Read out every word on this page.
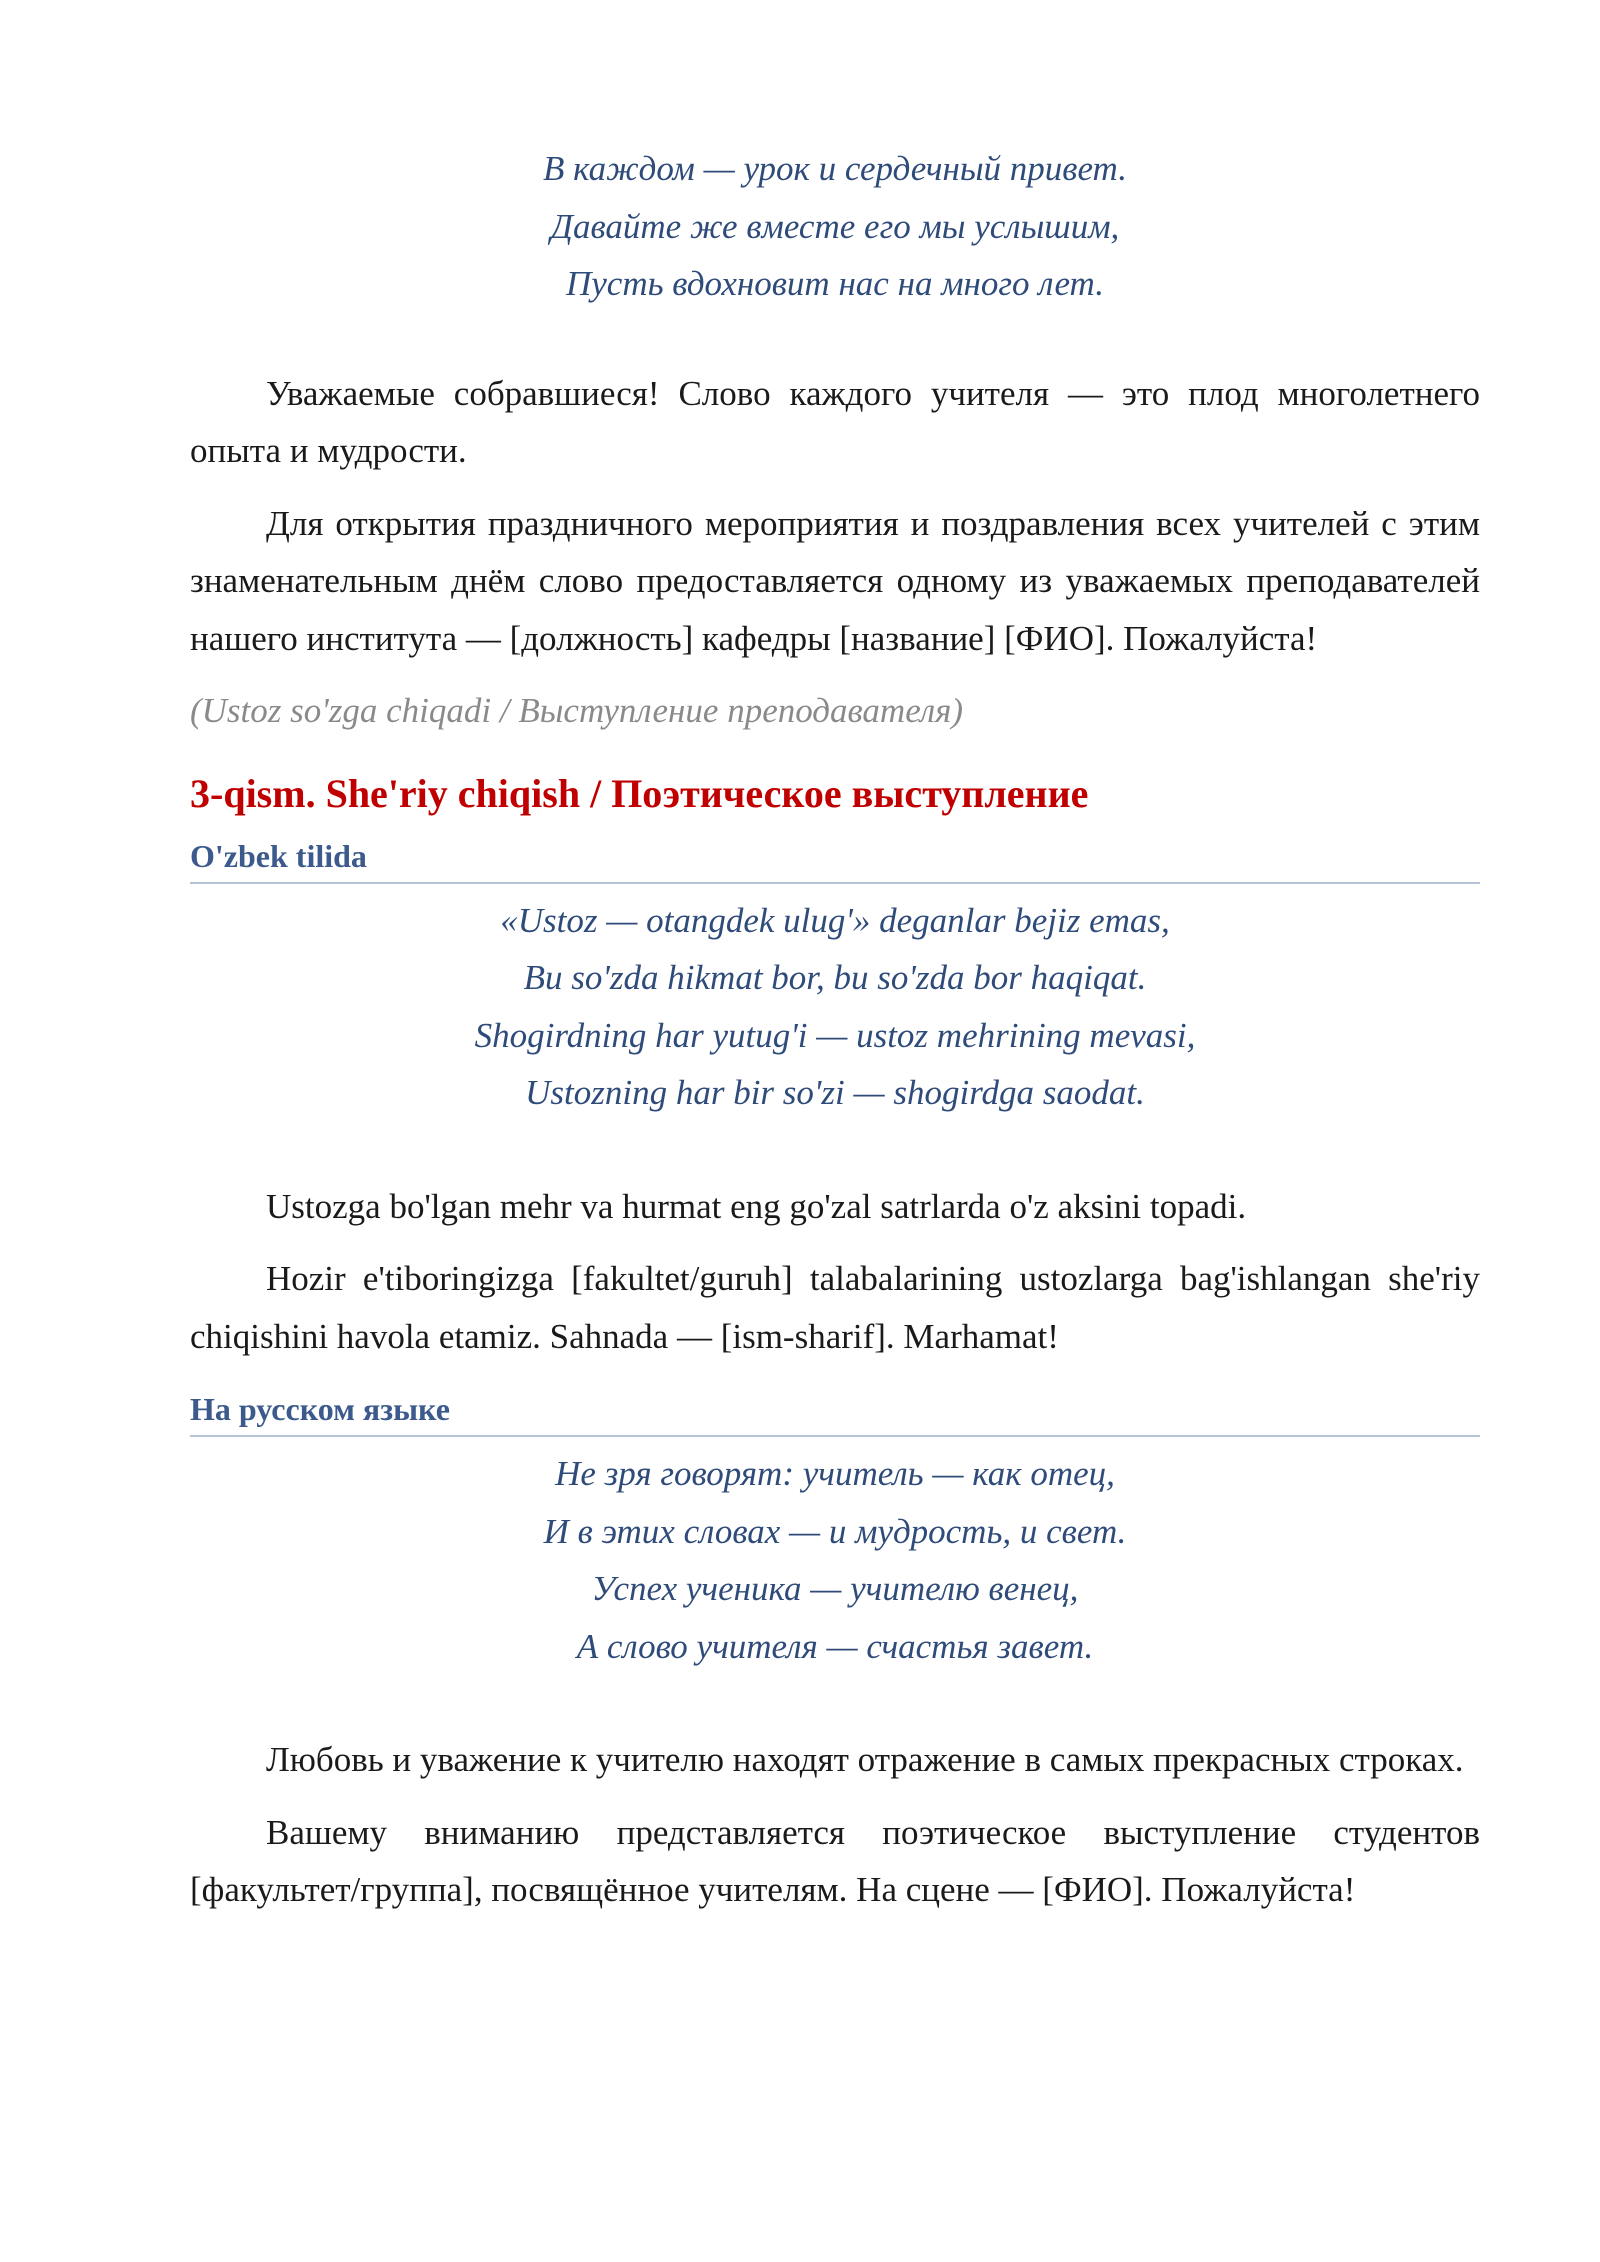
В каждом — урок и сердечный привет.
Давайте же вместе его мы услышим,
Пусть вдохновит нас на много лет.

Уважаемые собравшиеся! Слово каждого учителя — это плод многолетнего опыта и мудрости.

Для открытия праздничного мероприятия и поздравления всех учителей с этим знаменательным днём слово предоставляется одному из уважаемых преподавателей нашего института — [должность] кафедры [название] [ФИО]. Пожалуйста!

(Ustoz so'zga chiqadi / Выступление преподавателя)

3-qism. She'riy chiqish / Поэтическое выступление
O'zbek tilida
«Ustoz — otangdek ulug'» deganlar bejiz emas,
Bu so'zda hikmat bor, bu so'zda bor haqiqat.
Shogirdning har yutug'i — ustoz mehrining mevasi,
Ustozning har bir so'zi — shogirdga saodat.

Ustozga bo'lgan mehr va hurmat eng go'zal satrlarda o'z aksini topadi.

Hozir e'tiboringizga [fakultet/guruh] talabalarining ustozlarga bag'ishlangan she'riy chiqishini havola etamiz. Sahnada — [ism-sharif]. Marhamat!

На русском языке
Не зря говорят: учитель — как отец,
И в этих словах — и мудрость, и свет.
Успех ученика — учителю венец,
А слово учителя — счастья завет.

Любовь и уважение к учителю находят отражение в самых прекрасных строках.

Вашему вниманию представляется поэтическое выступление студентов [факультет/группа], посвящённое учителям. На сцене — [ФИО]. Пожалуйста!
